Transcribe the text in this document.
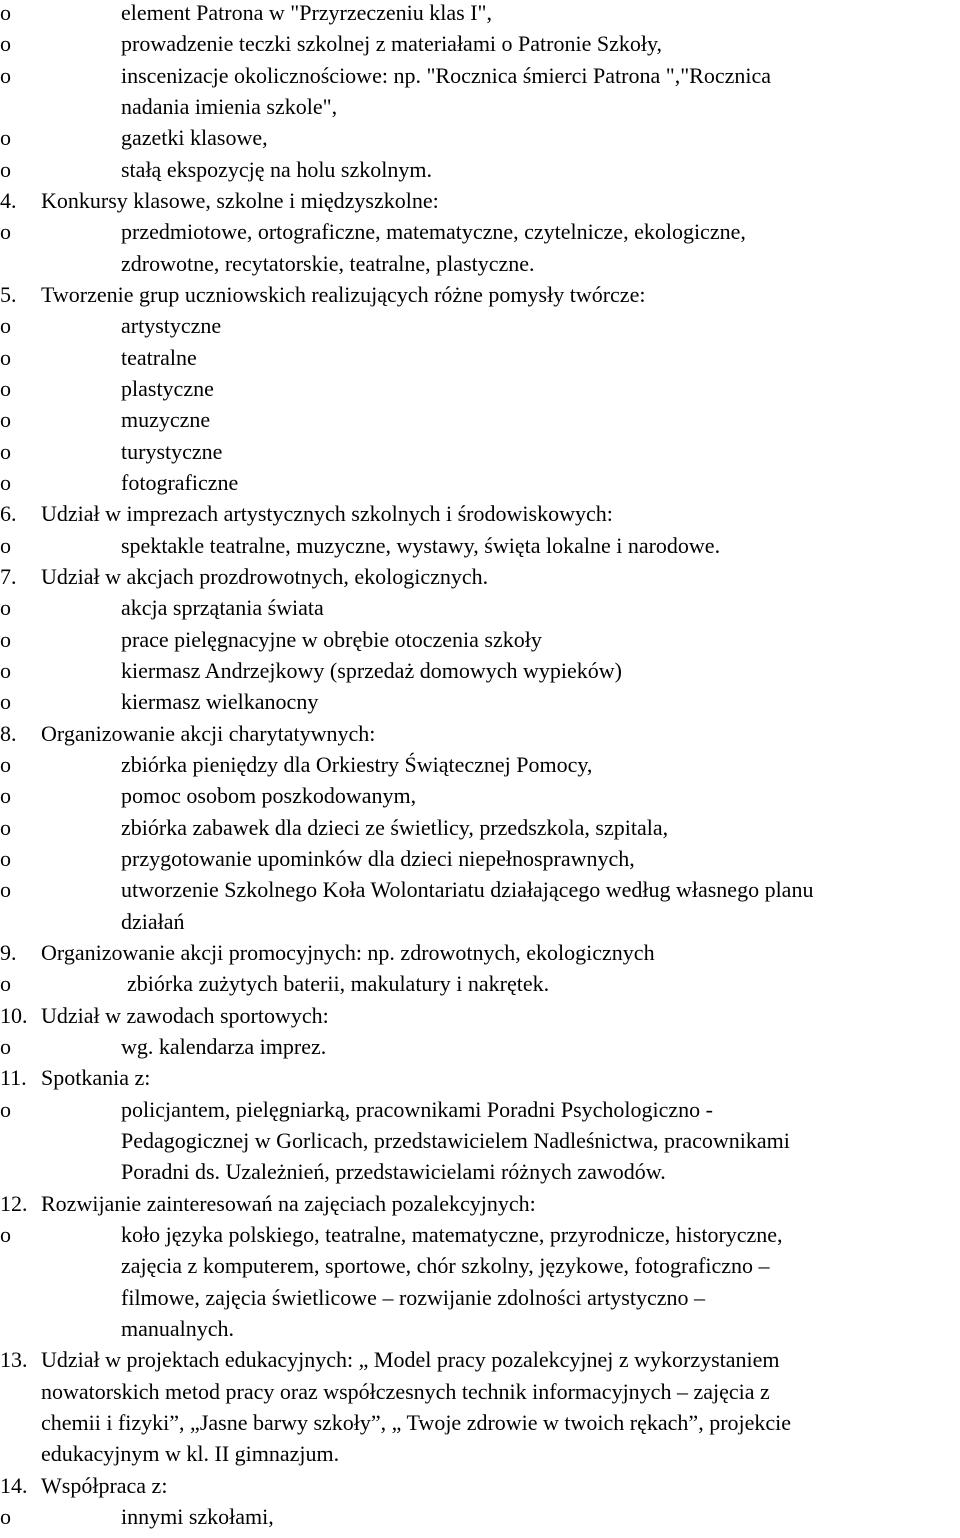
o	element Patrona w "Przyrzeczeniu klas I",
o	prowadzenie teczki szkolnej z materiałami o Patronie Szkoły,
o	inscenizacje okolicznościowe: np. "Rocznica śmierci Patrona ","Rocznica
nadania imienia szkole",
o	gazetki klasowe,
o	stałą ekspozycję na holu szkolnym.
4. Konkursy klasowe, szkolne i międzyszkolne:
o	przedmiotowe, ortograficzne, matematyczne, czytelnicze, ekologiczne,
zdrowotne, recytatorskie, teatralne, plastyczne.
5. Tworzenie grup uczniowskich realizujących różne pomysły twórcze:
o	artystyczne
o	teatralne
o	plastyczne
o	muzyczne
o	turystyczne
o	fotograficzne
6. Udział w imprezach artystycznych szkolnych i środowiskowych:
o	spektakle teatralne, muzyczne, wystawy, święta lokalne i narodowe.
7. Udział w akcjach prozdrowotnych, ekologicznych.
o	akcja sprzątania świata
o	prace pielęgnacyjne w obrębie otoczenia szkoły
o	kiermasz Andrzejkowy (sprzedaż domowych wypieków)
o	kiermasz wielkanocny
8. Organizowanie akcji charytatywnych:
o	zbiórka pieniędzy dla Orkiestry Świątecznej Pomocy,
o	pomoc osobom poszkodowanym,
o	zbiórka zabawek dla dzieci ze świetlicy, przedszkola, szpitala,
o	przygotowanie upominków dla dzieci niepełnosprawnych,
o	utworzenie Szkolnego Koła Wolontariatu działającego według własnego planu
działań
9. Organizowanie akcji promocyjnych: np. zdrowotnych, ekologicznych
o	zbiórka zużytych baterii, makulatury i nakrętek.
10. Udział w zawodach sportowych:
o	wg. kalendarza imprez.
11. Spotkania z:
o	policjantem, pielęgniarką, pracownikami Poradni Psychologiczno -
Pedagogicznej w Gorlicach, przedstawicielem Nadleśnictwa, pracownikami
Poradni ds. Uzależnień, przedstawicielami różnych zawodów.
12. Rozwijanie zainteresowań na zajęciach pozalekcyjnych:
o	koło języka polskiego, teatralne, matematyczne, przyrodnicze, historyczne,
zajęcia z komputerem, sportowe, chór szkolny, językowe, fotograficzno –
filmowe, zajęcia świetlicowe – rozwijanie zdolności artystyczno –
manualnych.
13. Udział w projektach edukacyjnych: „ Model pracy pozalekcyjnej z wykorzystaniem
nowatorskich metod pracy oraz współczesnych technik informacyjnych – zajęcia z
chemii i fizyki”, „Jasne barwy szkoły”, „ Twoje zdrowie w twoich rękach”, projekcie
edukacyjnym w kl. II gimnazjum.
14. Współpraca z:
o	innymi szkołami,
